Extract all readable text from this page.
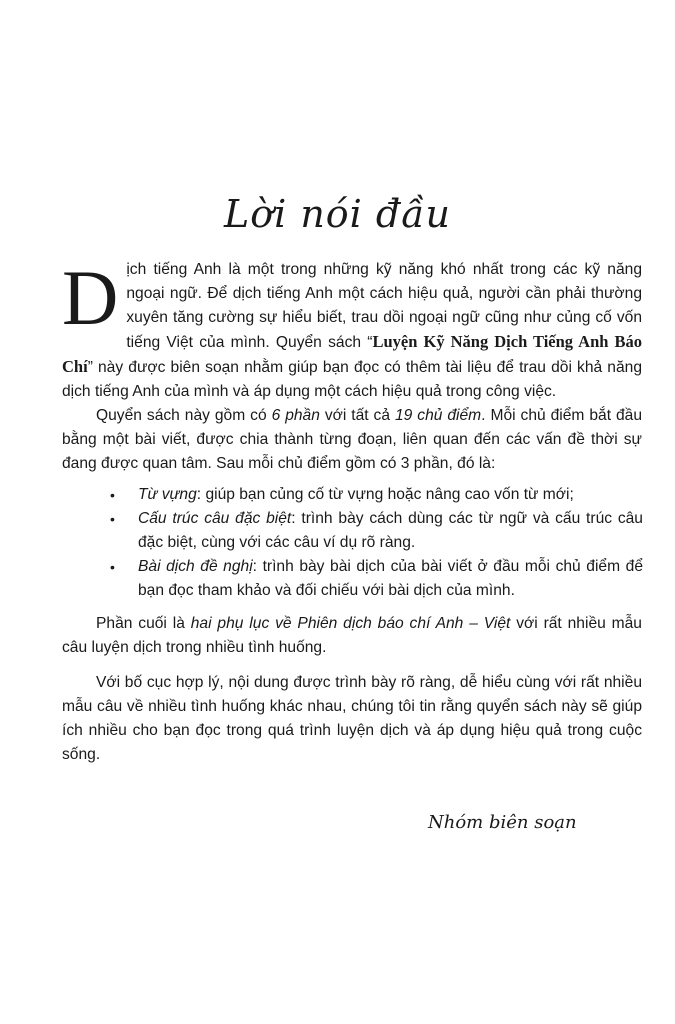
Lời nói đầu

Dịch tiếng Anh là một trong những kỹ năng khó nhất trong các kỹ năng ngoại ngữ. Để dịch tiếng Anh một cách hiệu quả, người cần phải thường xuyên tăng cường sự hiểu biết, trau dồi ngoại ngữ cũng như củng cố vốn tiếng Việt của mình. Quyển sách “Luyện Kỹ Năng Dịch Tiếng Anh Báo Chí” này được biên soạn nhằm giúp bạn đọc có thêm tài liệu để trau dồi khả năng dịch tiếng Anh của mình và áp dụng một cách hiệu quả trong công việc.

Quyển sách này gồm có 6 phần với tất cả 19 chủ điểm. Mỗi chủ điểm bắt đầu bằng một bài viết, được chia thành từng đoạn, liên quan đến các vấn đề thời sự đang được quan tâm. Sau mỗi chủ điểm gồm có 3 phần, đó là:

• Từ vựng: giúp bạn củng cố từ vựng hoặc nâng cao vốn từ mới;
• Cấu trúc câu đặc biệt: trình bày cách dùng các từ ngữ và cấu trúc câu đặc biệt, cùng với các câu ví dụ rõ ràng.
• Bài dịch đề nghị: trình bày bài dịch của bài viết ở đầu mỗi chủ điểm để bạn đọc tham khảo và đối chiếu với bài dịch của mình.

Phần cuối là hai phụ lục về Phiên dịch báo chí Anh – Việt với rất nhiều mẫu câu luyện dịch trong nhiều tình huống.

Với bố cục hợp lý, nội dung được trình bày rõ ràng, dễ hiểu cùng với rất nhiều mẫu câu về nhiều tình huống khác nhau, chúng tôi tin rằng quyển sách này sẽ giúp ích nhiều cho bạn đọc trong quá trình luyện dịch và áp dụng hiệu quả trong cuộc sống.

Nhóm biên soạn
